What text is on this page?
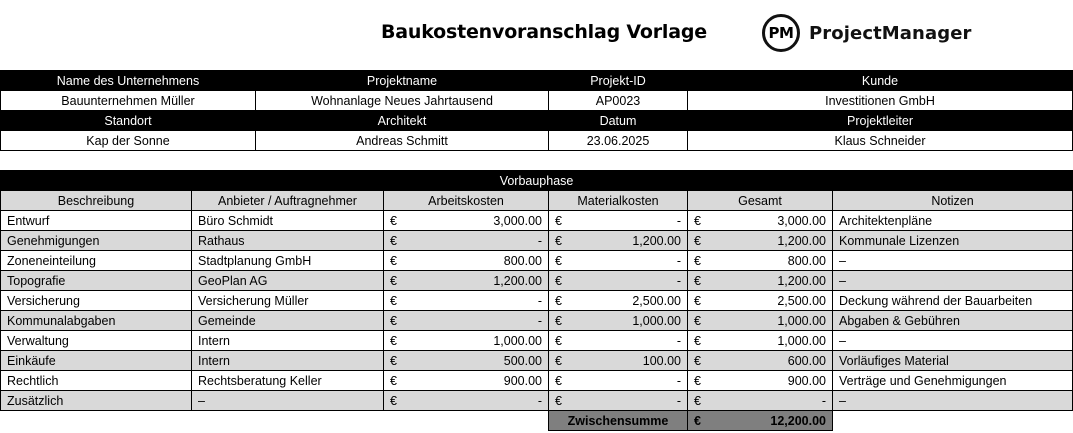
Baukostenvoranschlag Vorlage	PM ProjectManager
Name des Unternehmens	Projektname	Projekt-ID	Kunde
Bauunternehmen Müller	Wohnanlage Neues Jahrtausend	AP0023	Investitionen GmbH
Standort	Architekt	Datum	Projektleiter
Kap der Sonne	Andreas Schmitt	23.06.2025	Klaus Schneider
Vorbauphase					
Beschreibung	Anbieter / Auftragnehmer	Arbeitskosten	Materialkosten	Gesamt	Notizen
Entwurf	Büro Schmidt	€ 3,000.00	€ -	€ 3,000.00	Architektenpläne
Genehmigungen	Rathaus	€ -	€ 1,200.00	€ 1,200.00	Kommunale Lizenzen
Zoneneinteilung	Stadtplanung GmbH	€ 800.00	€ -	€ 800.00	–
Topografie	GeoPlan AG	€ 1,200.00	€ -	€ 1,200.00	–
Versicherung	Versicherung Müller	€ -	€ 2,500.00	€ 2,500.00	Deckung während der Bauarbeiten
Kommunalabgaben	Gemeinde	€ -	€ 1,000.00	€ 1,000.00	Abgaben & Gebühren
Verwaltung	Intern	€ 1,000.00	€ -	€ 1,000.00	–
Einkäufe	Intern	€ 500.00	€ 100.00	€ 600.00	Vorläufiges Material
Rechtlich	Rechtsberatung Keller	€ 900.00	€ -	€ 900.00	Verträge und Genehmigungen
Zusätzlich	–	€ -	€ -	€ -	–
			Zwischensumme	€ 12,200.00	
